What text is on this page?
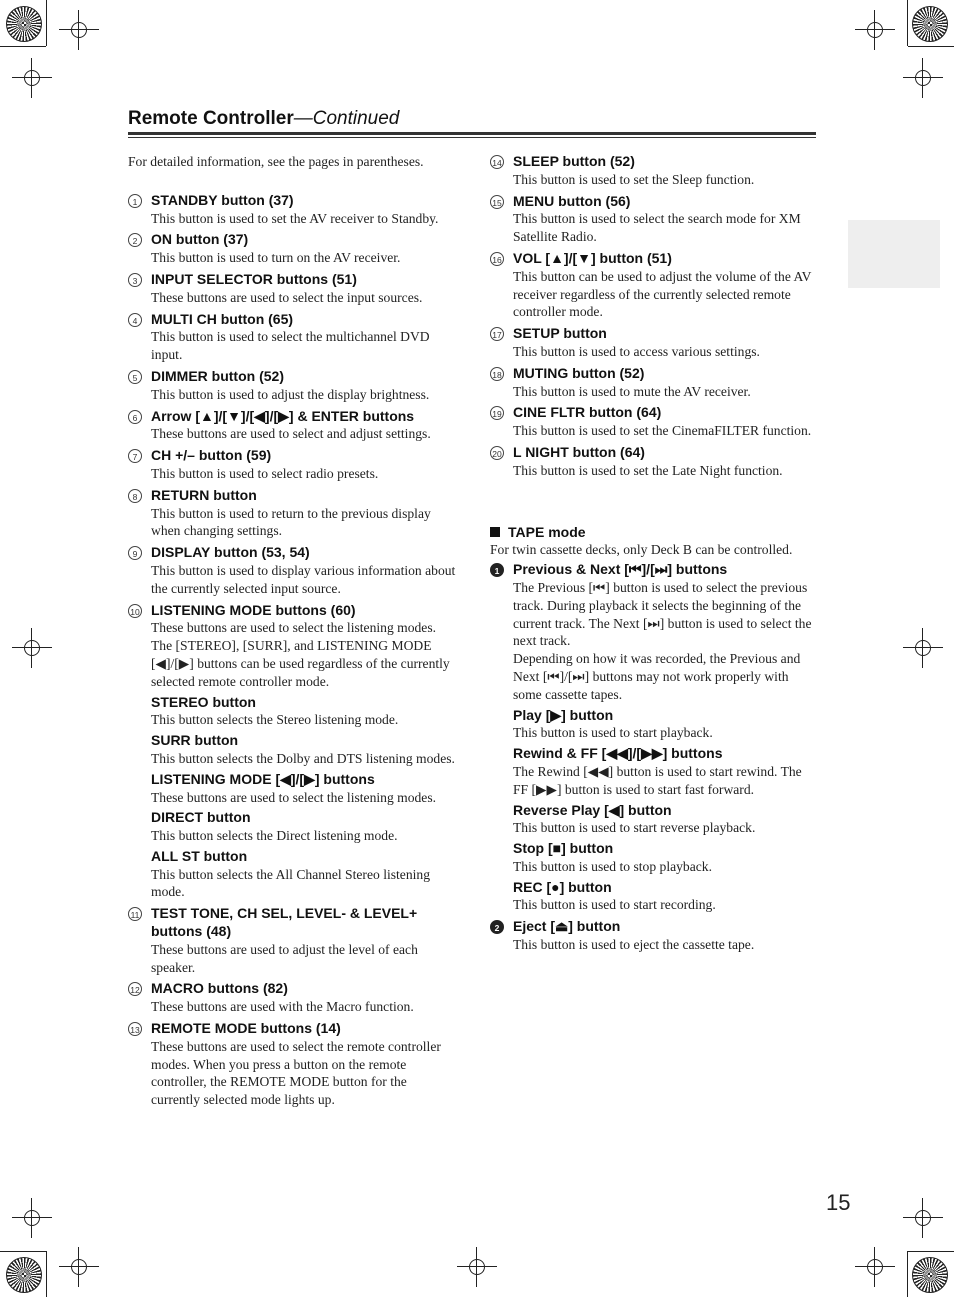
Remote Controller—Continued

For detailed information, see the pages in parentheses.

1 STANDBY button (37)
This button is used to set the AV receiver to Standby.
2 ON button (37)
This button is used to turn on the AV receiver.
3 INPUT SELECTOR buttons (51)
These buttons are used to select the input sources.
4 MULTI CH button (65)
This button is used to select the multichannel DVD input.
5 DIMMER button (52)
This button is used to adjust the display brightness.
6 Arrow [▲]/[▼]/[◀]/[▶] & ENTER buttons
These buttons are used to select and adjust settings.
7 CH +/– button (59)
This button is used to select radio presets.
8 RETURN button
This button is used to return to the previous display when changing settings.
9 DISPLAY button (53, 54)
This button is used to display various information about the currently selected input source.
10 LISTENING MODE buttons (60)
These buttons are used to select the listening modes. The [STEREO], [SURR], and LISTENING MODE [◀]/[▶] buttons can be used regardless of the currently selected remote controller mode.
STEREO button
This button selects the Stereo listening mode.
SURR button
This button selects the Dolby and DTS listening modes.
LISTENING MODE [◀]/[▶] buttons
These buttons are used to select the listening modes.
DIRECT button
This button selects the Direct listening mode.
ALL ST button
This button selects the All Channel Stereo listening mode.
11 TEST TONE, CH SEL, LEVEL- & LEVEL+ buttons (48)
These buttons are used to adjust the level of each speaker.
12 MACRO buttons (82)
These buttons are used with the Macro function.
13 REMOTE MODE buttons (14)
These buttons are used to select the remote controller modes. When you press a button on the remote controller, the REMOTE MODE button for the currently selected mode lights up.
14 SLEEP button (52)
This button is used to set the Sleep function.
15 MENU button (56)
This button is used to select the search mode for XM Satellite Radio.
16 VOL [▲]/[▼] button (51)
This button can be used to adjust the volume of the AV receiver regardless of the currently selected remote controller mode.
17 SETUP button
This button is used to access various settings.
18 MUTING button (52)
This button is used to mute the AV receiver.
19 CINE FLTR button (64)
This button is used to set the CinemaFILTER function.
20 L NIGHT button (64)
This button is used to set the Late Night function.
TAPE mode
For twin cassette decks, only Deck B can be controlled.
1 Previous & Next [⏮]/[⏭] buttons
The Previous [⏮] button is used to select the previous track. During playback it selects the beginning of the current track. The Next [⏭] button is used to select the next track.
Depending on how it was recorded, the Previous and Next [⏮]/[⏭] buttons may not work properly with some cassette tapes.
Play [▶] button
This button is used to start playback.
Rewind & FF [◀◀]/[▶▶] buttons
The Rewind [◀◀] button is used to start rewind. The FF [▶▶] button is used to start fast forward.
Reverse Play [◀] button
This button is used to start reverse playback.
Stop [■] button
This button is used to stop playback.
REC [●] button
This button is used to start recording.
2 Eject [⏏] button
This button is used to eject the cassette tape.
15
